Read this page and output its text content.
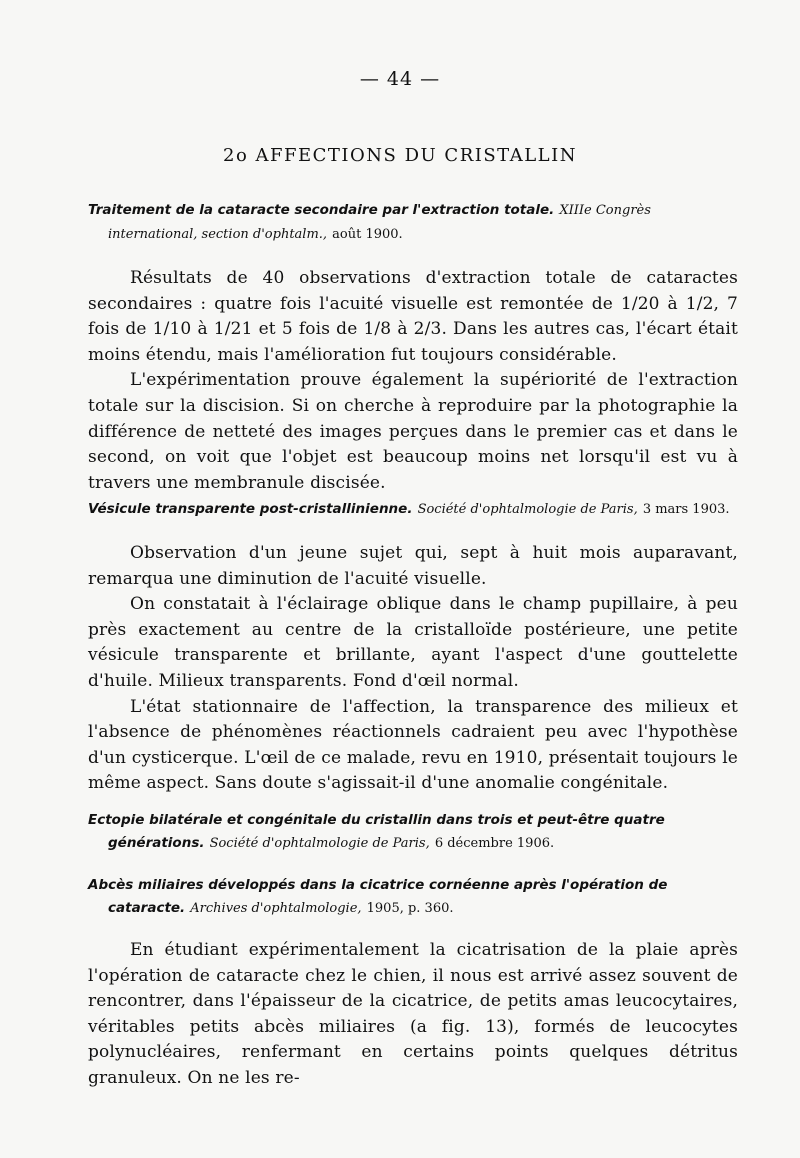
— 44 —
2o AFFECTIONS DU CRISTALLIN
Traitement de la cataracte secondaire par l'extraction totale. XIIIe Congrès international, section d'ophtalm., août 1900.

Résultats de 40 observations d'extraction totale de cataractes secondaires : quatre fois l'acuité visuelle est remontée de 1/20 à 1/2, 7 fois de 1/10 à 1/21 et 5 fois de 1/8 à 2/3. Dans les autres cas, l'écart était moins étendu, mais l'amélioration fut toujours considérable.

L'expérimentation prouve également la supériorité de l'extraction totale sur la discision. Si on cherche à reproduire par la photographie la différence de netteté des images perçues dans le premier cas et dans le second, on voit que l'objet est beaucoup moins net lorsqu'il est vu à travers une membranule discisée.

Vésicule transparente post-cristallinienne. Société d'ophtalmologie de Paris, 3 mars 1903.

Observation d'un jeune sujet qui, sept à huit mois auparavant, remarqua une diminution de l'acuité visuelle.

On constatait à l'éclairage oblique dans le champ pupillaire, à peu près exactement au centre de la cristalloïde postérieure, une petite vésicule transparente et brillante, ayant l'aspect d'une gouttelette d'huile. Milieux transparents. Fond d'œil normal.

L'état stationnaire de l'affection, la transparence des milieux et l'absence de phénomènes réactionnels cadraient peu avec l'hypothèse d'un cysticerque. L'œil de ce malade, revu en 1910, présentait toujours le même aspect. Sans doute s'agissait-il d'une anomalie congénitale.

Ectopie bilatérale et congénitale du cristallin dans trois et peut-être quatre générations. Société d'ophtalmologie de Paris, 6 décembre 1906.
Abcès miliaires développés dans la cicatrice cornéenne après l'opération de cataracte. Archives d'ophtalmologie, 1905, p. 360.

En étudiant expérimentalement la cicatrisation de la plaie après l'opération de cataracte chez le chien, il nous est arrivé assez souvent de rencontrer, dans l'épaisseur de la cicatrice, de petits amas leucocytaires, véritables petits abcès miliaires (a fig. 13), formés de leucocytes polynucléaires, renfermant en certains points quelques détritus granuleux. On ne les re-
